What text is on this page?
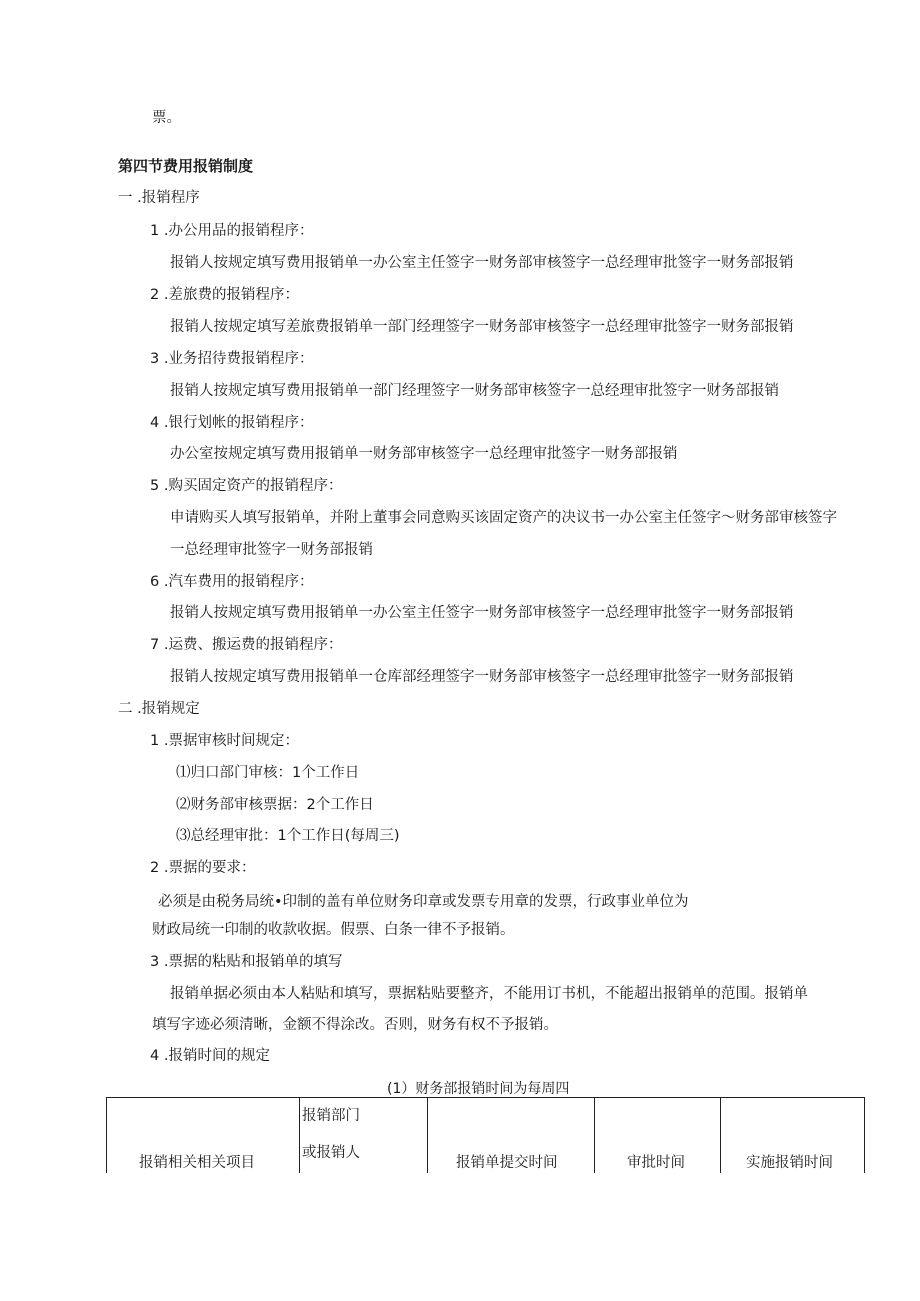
票。
第四节费用报销制度
一 .报销程序
1 .办公用品的报销程序：
报销人按规定填写费用报销单一办公室主任签字一财务部审核签字一总经理审批签字一财务部报销
2 .差旅费的报销程序：
报销人按规定填写差旅费报销单一部门经理签字一财务部审核签字一总经理审批签字一财务部报销
3 .业务招待费报销程序：
报销人按规定填写费用报销单一部门经理签字一财务部审核签字一总经理审批签字一财务部报销
4 .银行划帐的报销程序：
办公室按规定填写费用报销单一财务部审核签字一总经理审批签字一财务部报销
5 .购买固定资产的报销程序：
申请购买人填写报销单，并附上董事会同意购买该固定资产的决议书一办公室主任签字〜财务部审核签字
一总经理审批签字一财务部报销
6 .汽车费用的报销程序：
报销人按规定填写费用报销单一办公室主任签字一财务部审核签字一总经理审批签字一财务部报销
7 .运费、搬运费的报销程序：
报销人按规定填写费用报销单一仓库部经理签字一财务部审核签字一总经理审批签字一财务部报销
二 .报销规定
1 .票据审核时间规定：
⑴归口部门审核：1个工作日
⑵财务部审核票据：2个工作日
⑶总经理审批：1个工作日(每周三)
2 .票据的要求：
必须是由税务局统•印制的盖有单位财务印章或发票专用章的发票，行政事业单位为
财政局统一印制的收款收据。假票、白条一律不予报销。
3 .票据的粘贴和报销单的填写
报销单据必须由本人粘贴和填写，票据粘贴要整齐，不能用订书机，不能超出报销单的范围。报销单
填写字迹必须清晰，金额不得涂改。否则，财务有权不予报销。
4 .报销时间的规定
(1）财务部报销时间为每周四
报销相关相关项目
报销部门
或报销人
报销单提交时间	审批时间	实施报销时间
